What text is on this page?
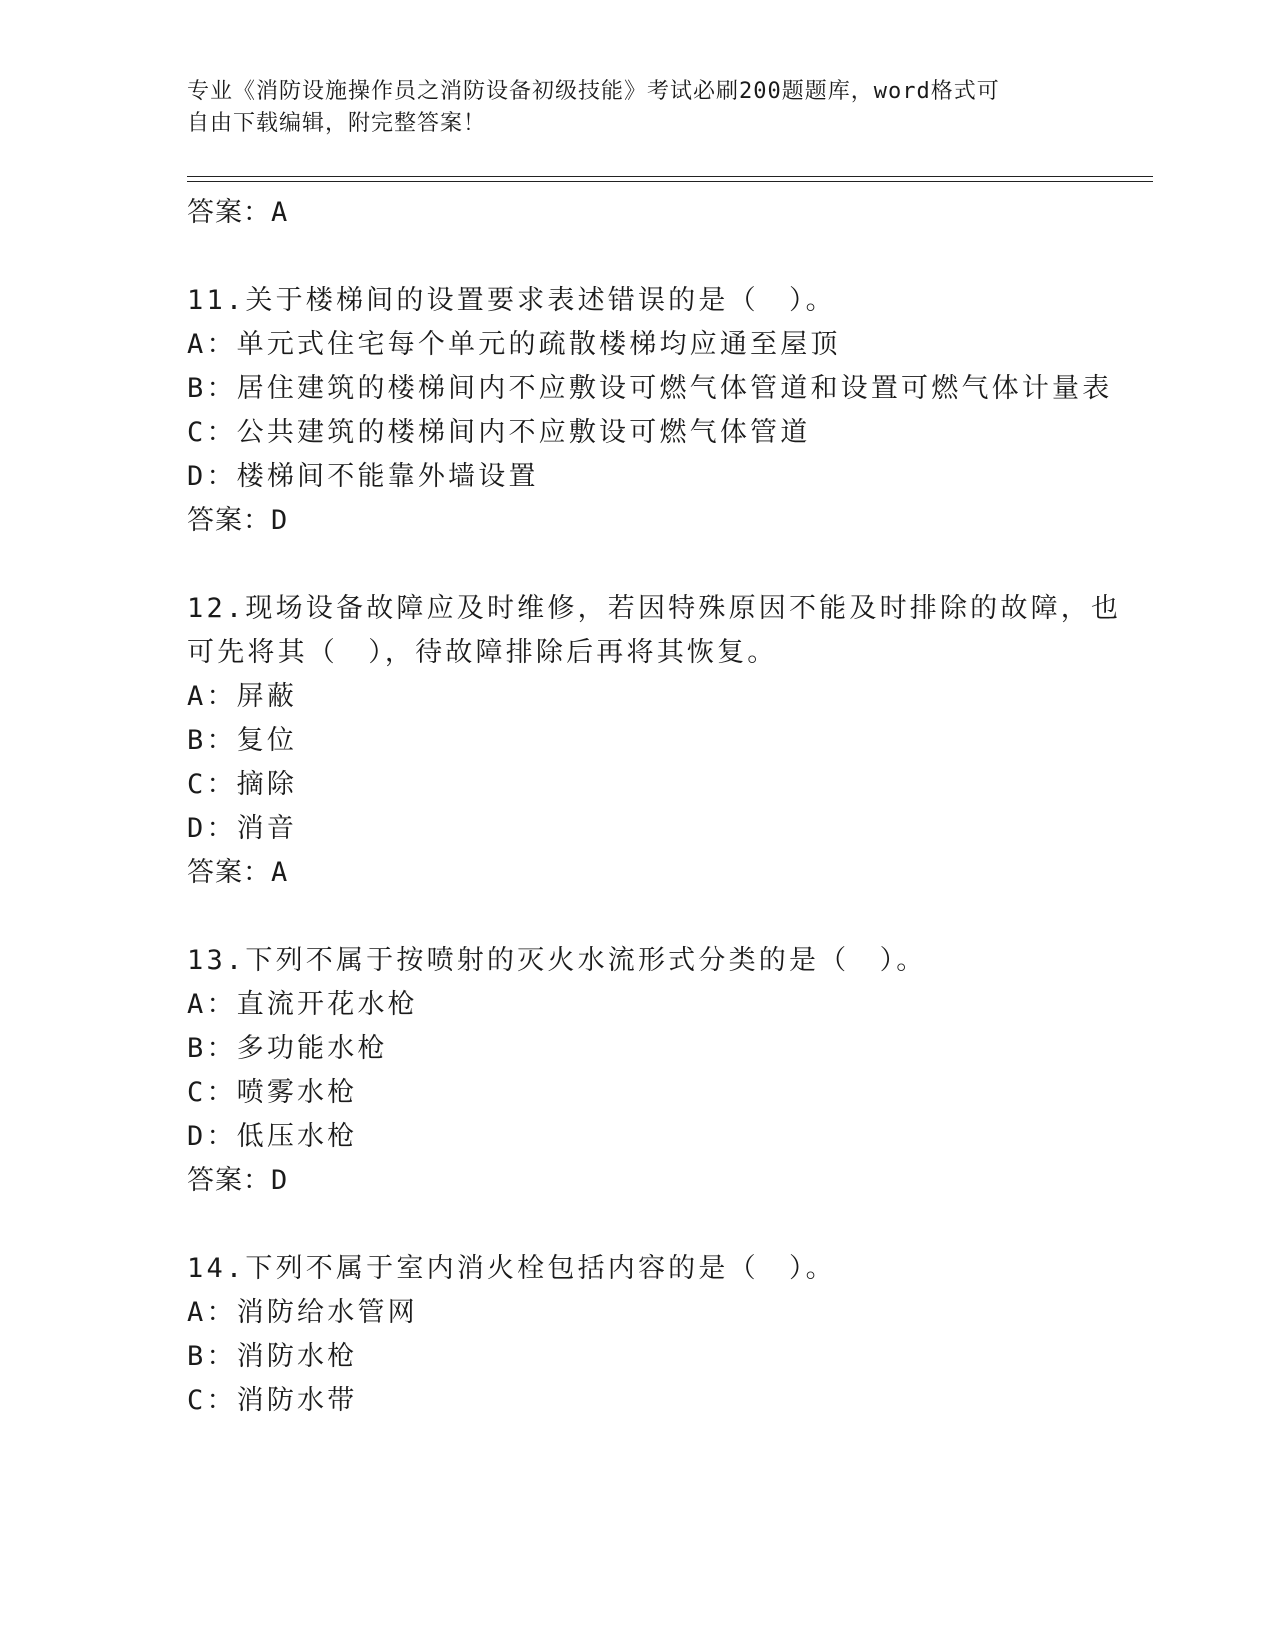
专业《消防设施操作员之消防设备初级技能》考试必刷200题题库，word格式可
自由下载编辑，附完整答案！
答案：A
11.关于楼梯间的设置要求表述错误的是（　）。
A：单元式住宅每个单元的疏散楼梯均应通至屋顶
B：居住建筑的楼梯间内不应敷设可燃气体管道和设置可燃气体计量表
C：公共建筑的楼梯间内不应敷设可燃气体管道
D：楼梯间不能靠外墙设置
答案：D
12.现场设备故障应及时维修，若因特殊原因不能及时排除的故障，也
可先将其（　），待故障排除后再将其恢复。
A：屏蔽
B：复位
C：摘除
D：消音
答案：A
13.下列不属于按喷射的灭火水流形式分类的是（　）。
A：直流开花水枪
B：多功能水枪
C：喷雾水枪
D：低压水枪
答案：D
14.下列不属于室内消火栓包括内容的是（　）。
A：消防给水管网
B：消防水枪
C：消防水带
